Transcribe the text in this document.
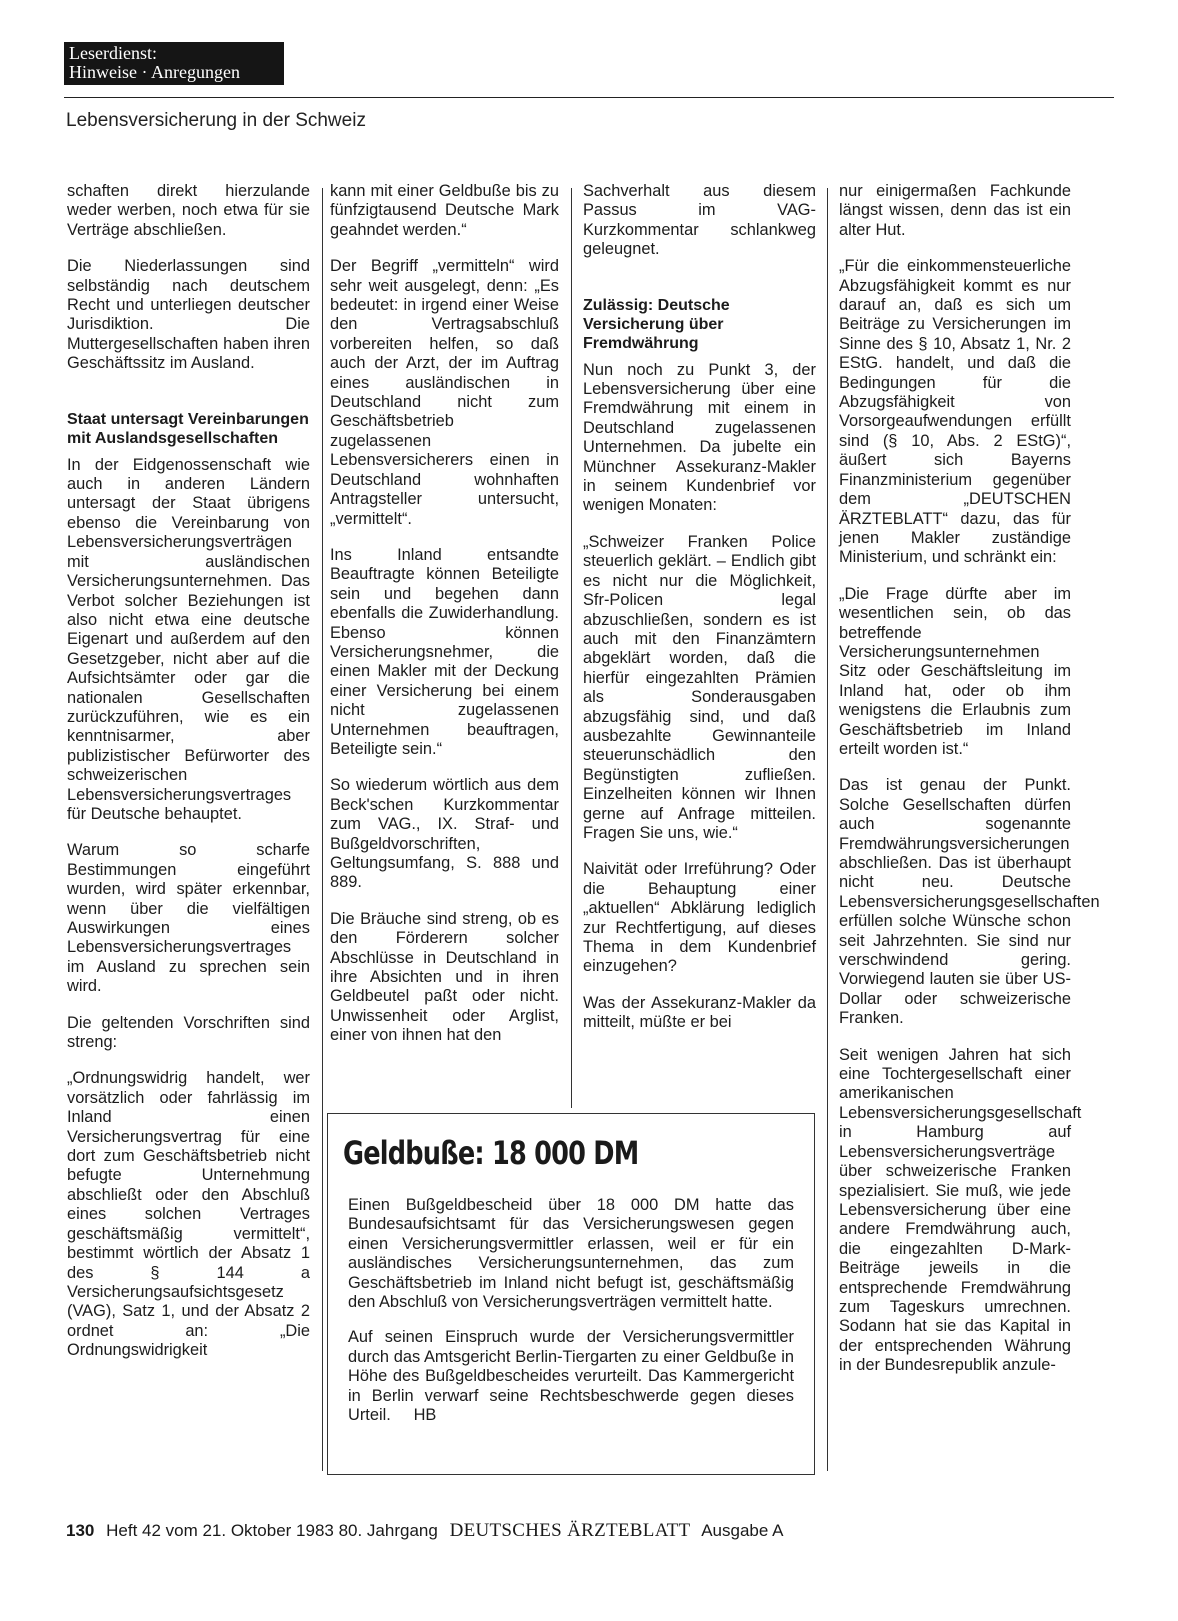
Leserdienst:
Hinweise · Anregungen
Lebensversicherung in der Schweiz

schaften direkt hierzulande weder werben, noch etwa für sie Verträge abschließen.

Die Niederlassungen sind selbständig nach deutschem Recht und unterliegen deutscher Jurisdiktion. Die Muttergesellschaften haben ihren Geschäftssitz im Ausland.

Staat untersagt Vereinbarungen mit Auslandsgesellschaften

In der Eidgenossenschaft wie auch in anderen Ländern untersagt der Staat übrigens ebenso die Vereinbarung von Lebensversicherungsverträgen mit ausländischen Versicherungsunternehmen. Das Verbot solcher Beziehungen ist also nicht etwa eine deutsche Eigenart und außerdem auf den Gesetzgeber, nicht aber auf die Aufsichtsämter oder gar die nationalen Gesellschaften zurückzuführen, wie es ein kenntnisarmer, aber publizistischer Befürworter des schweizerischen Lebensversicherungsvertrages für Deutsche behauptet.

Warum so scharfe Bestimmungen eingeführt wurden, wird später erkennbar, wenn über die vielfältigen Auswirkungen eines Lebensversicherungsvertrages im Ausland zu sprechen sein wird.

Die geltenden Vorschriften sind streng:

„Ordnungswidrig handelt, wer vorsätzlich oder fahrlässig im Inland einen Versicherungsvertrag für eine dort zum Geschäftsbetrieb nicht befugte Unternehmung abschließt oder den Abschluß eines solchen Vertrages geschäftsmäßig vermittelt“, bestimmt wörtlich der Absatz 1 des § 144 a Versicherungsaufsichtsgesetz (VAG), Satz 1, und der Absatz 2 ordnet an: „Die Ordnungswidrigkeit

kann mit einer Geldbuße bis zu fünfzigtausend Deutsche Mark geahndet werden.“

Der Begriff „vermitteln“ wird sehr weit ausgelegt, denn: „Es bedeutet: in irgend einer Weise den Vertragsabschluß vorbereiten helfen, so daß auch der Arzt, der im Auftrag eines ausländischen in Deutschland nicht zum Geschäftsbetrieb zugelassenen Lebensversicherers einen in Deutschland wohnhaften Antragsteller untersucht, „vermittelt“.

Ins Inland entsandte Beauftragte können Beteiligte sein und begehen dann ebenfalls die Zuwiderhandlung. Ebenso können Versicherungsnehmer, die einen Makler mit der Deckung einer Versicherung bei einem nicht zugelassenen Unternehmen beauftragen, Beteiligte sein.“

So wiederum wörtlich aus dem Beck'schen Kurzkommentar zum VAG., IX. Straf- und Bußgeldvorschriften, Geltungsumfang, S. 888 und 889.

Die Bräuche sind streng, ob es den Förderern solcher Abschlüsse in Deutschland in ihre Absichten und in ihren Geldbeutel paßt oder nicht. Unwissenheit oder Arglist, einer von ihnen hat den

Sachverhalt aus diesem Passus im VAG-Kurzkommentar schlankweg geleugnet.

Zulässig: Deutsche Versicherung über Fremdwährung

Nun noch zu Punkt 3, der Lebensversicherung über eine Fremdwährung mit einem in Deutschland zugelassenen Unternehmen. Da jubelte ein Münchner Assekuranz-Makler in seinem Kundenbrief vor wenigen Monaten:

„Schweizer Franken Police steuerlich geklärt. – Endlich gibt es nicht nur die Möglichkeit, Sfr-Policen legal abzuschließen, sondern es ist auch mit den Finanzämtern abgeklärt worden, daß die hierfür eingezahlten Prämien als Sonderausgaben abzugsfähig sind, und daß ausbezahlte Gewinnanteile steuerunschädlich den Begünstigten zufließen. Einzelheiten können wir Ihnen gerne auf Anfrage mitteilen. Fragen Sie uns, wie.“

Naivität oder Irreführung? Oder die Behauptung einer „aktuellen“ Abklärung lediglich zur Rechtfertigung, auf dieses Thema in dem Kundenbrief einzugehen?

Was der Assekuranz-Makler da mitteilt, müßte er bei

nur einigermaßen Fachkunde längst wissen, denn das ist ein alter Hut.

„Für die einkommensteuerliche Abzugsfähigkeit kommt es nur darauf an, daß es sich um Beiträge zu Versicherungen im Sinne des § 10, Absatz 1, Nr. 2 EStG. handelt, und daß die Bedingungen für die Abzugsfähigkeit von Vorsorgeaufwendungen erfüllt sind (§ 10, Abs. 2 EStG)“, äußert sich Bayerns Finanzministerium gegenüber dem „DEUTSCHEN ÄRZTEBLATT“ dazu, das für jenen Makler zuständige Ministerium, und schränkt ein:

„Die Frage dürfte aber im wesentlichen sein, ob das betreffende Versicherungsunternehmen Sitz oder Geschäftsleitung im Inland hat, oder ob ihm wenigstens die Erlaubnis zum Geschäftsbetrieb im Inland erteilt worden ist.“

Das ist genau der Punkt. Solche Gesellschaften dürfen auch sogenannte Fremdwährungsversicherungen abschließen. Das ist überhaupt nicht neu. Deutsche Lebensversicherungsgesellschaften erfüllen solche Wünsche schon seit Jahrzehnten. Sie sind nur verschwindend gering. Vorwiegend lauten sie über US-Dollar oder schweizerische Franken.

Seit wenigen Jahren hat sich eine Tochtergesellschaft einer amerikanischen Lebensversicherungsgesellschaft in Hamburg auf Lebensversicherungsverträge über schweizerische Franken spezialisiert. Sie muß, wie jede Lebensversicherung über eine andere Fremdwährung auch, die eingezahlten D-Mark-Beiträge jeweils in die entsprechende Fremdwährung zum Tageskurs umrechnen. Sodann hat sie das Kapital in der entsprechenden Währung in der Bundesrepublik anzule-

Geldbuße: 18 000 DM

Einen Bußgeldbescheid über 18 000 DM hatte das Bundesaufsichtsamt für das Versicherungswesen gegen einen Versicherungsvermittler erlassen, weil er für ein ausländisches Versicherungsunternehmen, das zum Geschäftsbetrieb im Inland nicht befugt ist, geschäftsmäßig den Abschluß von Versicherungsverträgen vermittelt hatte.

Auf seinen Einspruch wurde der Versicherungsvermittler durch das Amtsgericht Berlin-Tiergarten zu einer Geldbuße in Höhe des Bußgeldbescheides verurteilt. Das Kammergericht in Berlin verwarf seine Rechtsbeschwerde gegen dieses Urteil.     HB

130 Heft 42 vom 21. Oktober 1983 80. Jahrgang DEUTSCHES ÄRZTEBLATT Ausgabe A
